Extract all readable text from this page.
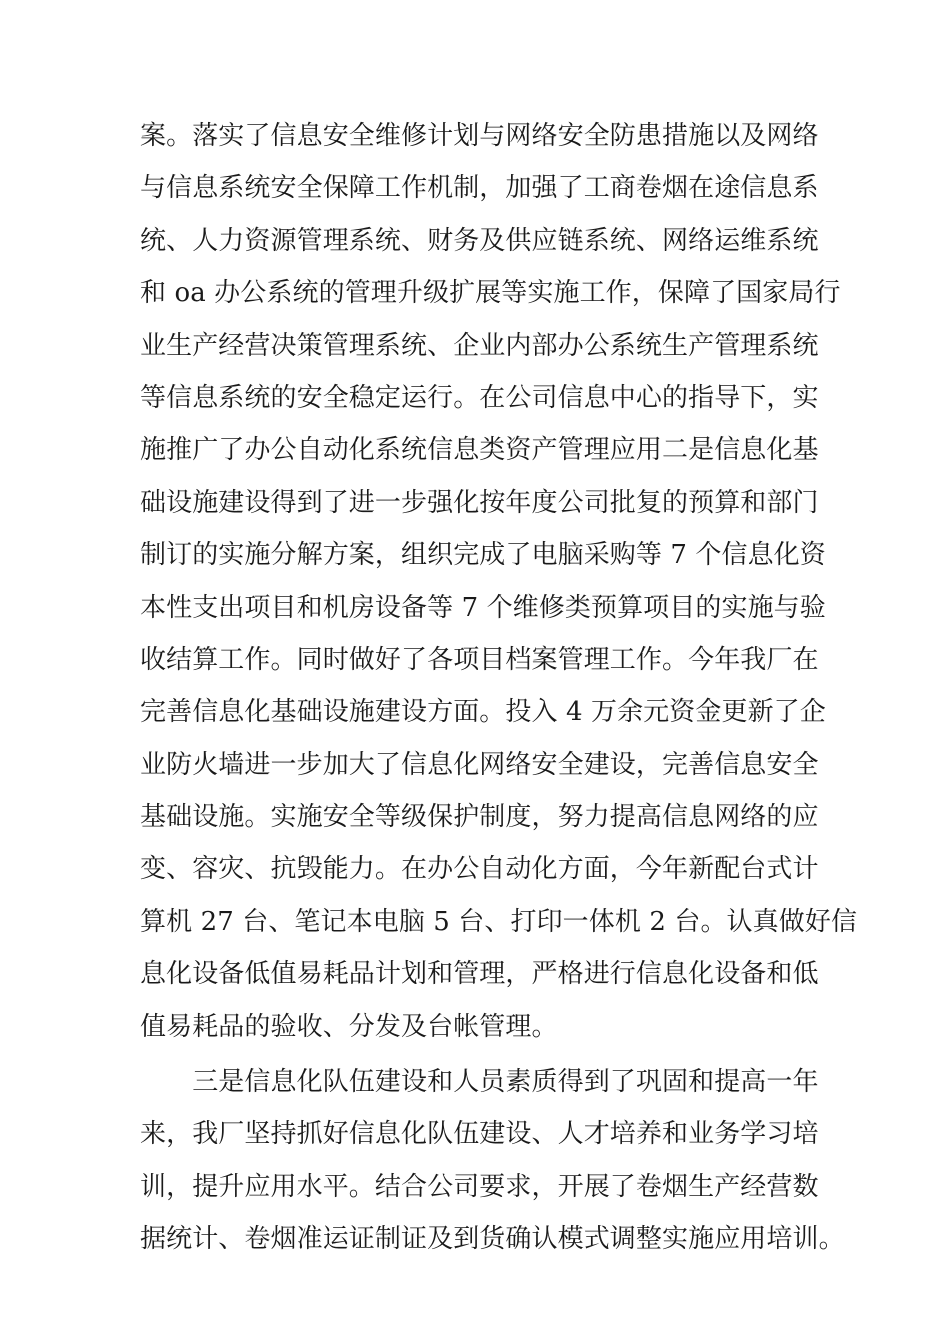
案。落实了信息安全维修计划与网络安全防患措施以及网络
与信息系统安全保障工作机制，加强了工商卷烟在途信息系
统、人力资源管理系统、财务及供应链系统、网络运维系统
和 oa 办公系统的管理升级扩展等实施工作，保障了国家局行
业生产经营决策管理系统、企业内部办公系统生产管理系统
等信息系统的安全稳定运行。在公司信息中心的指导下，实
施推广了办公自动化系统信息类资产管理应用二是信息化基
础设施建设得到了进一步强化按年度公司批复的预算和部门
制订的实施分解方案，组织完成了电脑采购等 7 个信息化资
本性支出项目和机房设备等 7 个维修类预算项目的实施与验
收结算工作。同时做好了各项目档案管理工作。今年我厂在
完善信息化基础设施建设方面。投入 4 万余元资金更新了企
业防火墙进一步加大了信息化网络安全建设，完善信息安全
基础设施。实施安全等级保护制度，努力提高信息网络的应
变、容灾、抗毁能力。在办公自动化方面，今年新配台式计
算机 27 台、笔记本电脑 5 台、打印一体机 2 台。认真做好信
息化设备低值易耗品计划和管理，严格进行信息化设备和低
值易耗品的验收、分发及台帐管理。
　　三是信息化队伍建设和人员素质得到了巩固和提高一年
来，我厂坚持抓好信息化队伍建设、人才培养和业务学习培
训，提升应用水平。结合公司要求，开展了卷烟生产经营数
据统计、卷烟准运证制证及到货确认模式调整实施应用培训。
